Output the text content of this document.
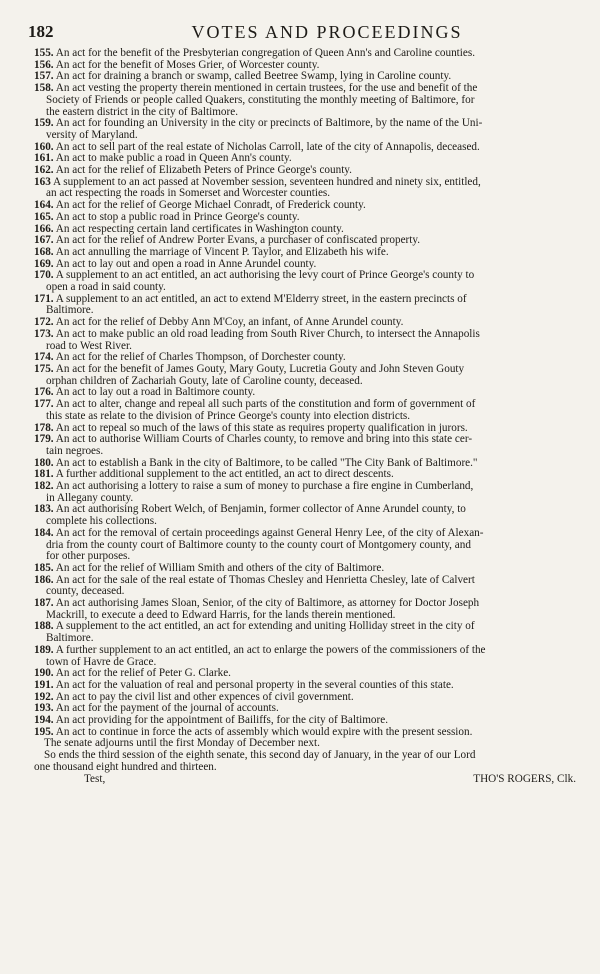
182	VOTES AND PROCEEDINGS

155. An act for the benefit of the Presbyterian congregation of Queen Ann's and Caroline counties.

156. An act for the benefit of Moses Grier, of Worcester county.

157. An act for draining a branch or swamp, called Beetree Swamp, lying in Caroline county.

158. An act vesting the property therein mentioned in certain trustees, for the use and benefit of the
Society of Friends or people called Quakers, constituting the monthly meeting of Baltimore, for
the eastern district in the city of Baltimore.

159. An act for founding an University in the city or precincts of Baltimore, by the name of the Uni-
versity of Maryland.

160. An act to sell part of the real estate of Nicholas Carroll, late of the city of Annapolis, deceased.

161. An act to make public a road in Queen Ann's county.

162. An act for the relief of Elizabeth Peters of Prince George's county.

163 A supplement to an act passed at November session, seventeen hundred and ninety six, entitled,
an act respecting the roads in Somerset and Worcester counties.

164. An act for the relief of George Michael Conradt, of Frederick county.

165. An act to stop a public road in Prince George's county.

166. An act respecting certain land certificates in Washington county.

167. An act for the relief of Andrew Porter Evans, a purchaser of confiscated property.

168. An act annulling the marriage of Vincent P. Taylor, and Elizabeth his wife.

169. An act to lay out and open a road in Anne Arundel county.

170. A supplement to an act entitled, an act authorising the levy court of Prince George's county to
open a road in said county.

171. A supplement to an act entitled, an act to extend M'Elderry street, in the eastern precincts of
Baltimore.

172. An act for the relief of Debby Ann M'Coy, an infant, of Anne Arundel county.

173. An act to make public an old road leading from South River Church, to intersect the Annapolis
road to West River.

174. An act for the relief of Charles Thompson, of Dorchester county.

175. An act for the benefit of James Gouty, Mary Gouty, Lucretia Gouty and John Steven Gouty
orphan children of Zachariah Gouty, late of Caroline county, deceased.

176. An act to lay out a road in Baltimore county.

177. An act to alter, change and repeal all such parts of the constitution and form of government of
this state as relate to the division of Prince George's county into election districts.

178. An act to repeal so much of the laws of this state as requires property qualification in jurors.

179. An act to authorise William Courts of Charles county, to remove and bring into this state cer-
tain negroes.

180. An act to establish a Bank in the city of Baltimore, to be called "The City Bank of Baltimore."

181. A further additional supplement to the act entitled, an act to direct descents.

182. An act authorising a lottery to raise a sum of money to purchase a fire engine in Cumberland,
in Allegany county.

183. An act authorising Robert Welch, of Benjamin, former collector of Anne Arundel county, to
complete his collections.

184. An act for the removal of certain proceedings against General Henry Lee, of the city of Alexan-
dria from the county court of Baltimore county to the county court of Montgomery county, and
for other purposes.

185. An act for the relief of William Smith and others of the city of Baltimore.

186. An act for the sale of the real estate of Thomas Chesley and Henrietta Chesley, late of Calvert
county, deceased.

187. An act authorising James Sloan, Senior, of the city of Baltimore, as attorney for Doctor Joseph
Mackrill, to execute a deed to Edward Harris, for the lands therein mentioned.

188. A supplement to the act entitled, an act for extending and uniting Holliday street in the city of
Baltimore.

189. A further supplement to an act entitled, an act to enlarge the powers of the commissioners of the
town of Havre de Grace.

190. An act for the relief of Peter G. Clarke.

191. An act for the valuation of real and personal property in the several counties of this state.

192. An act to pay the civil list and other expences of civil government.

193. An act for the payment of the journal of accounts.

194. An act providing for the appointment of Bailiffs, for the city of Baltimore.

195. An act to continue in force the acts of assembly which would expire with the present session.

The senate adjourns until the first Monday of December next.

So ends the third session of the eighth senate, this second day of January, in the year of our Lord

one thousand eight hundred and thirteen.

Test,	THO'S ROGERS, Clk.
